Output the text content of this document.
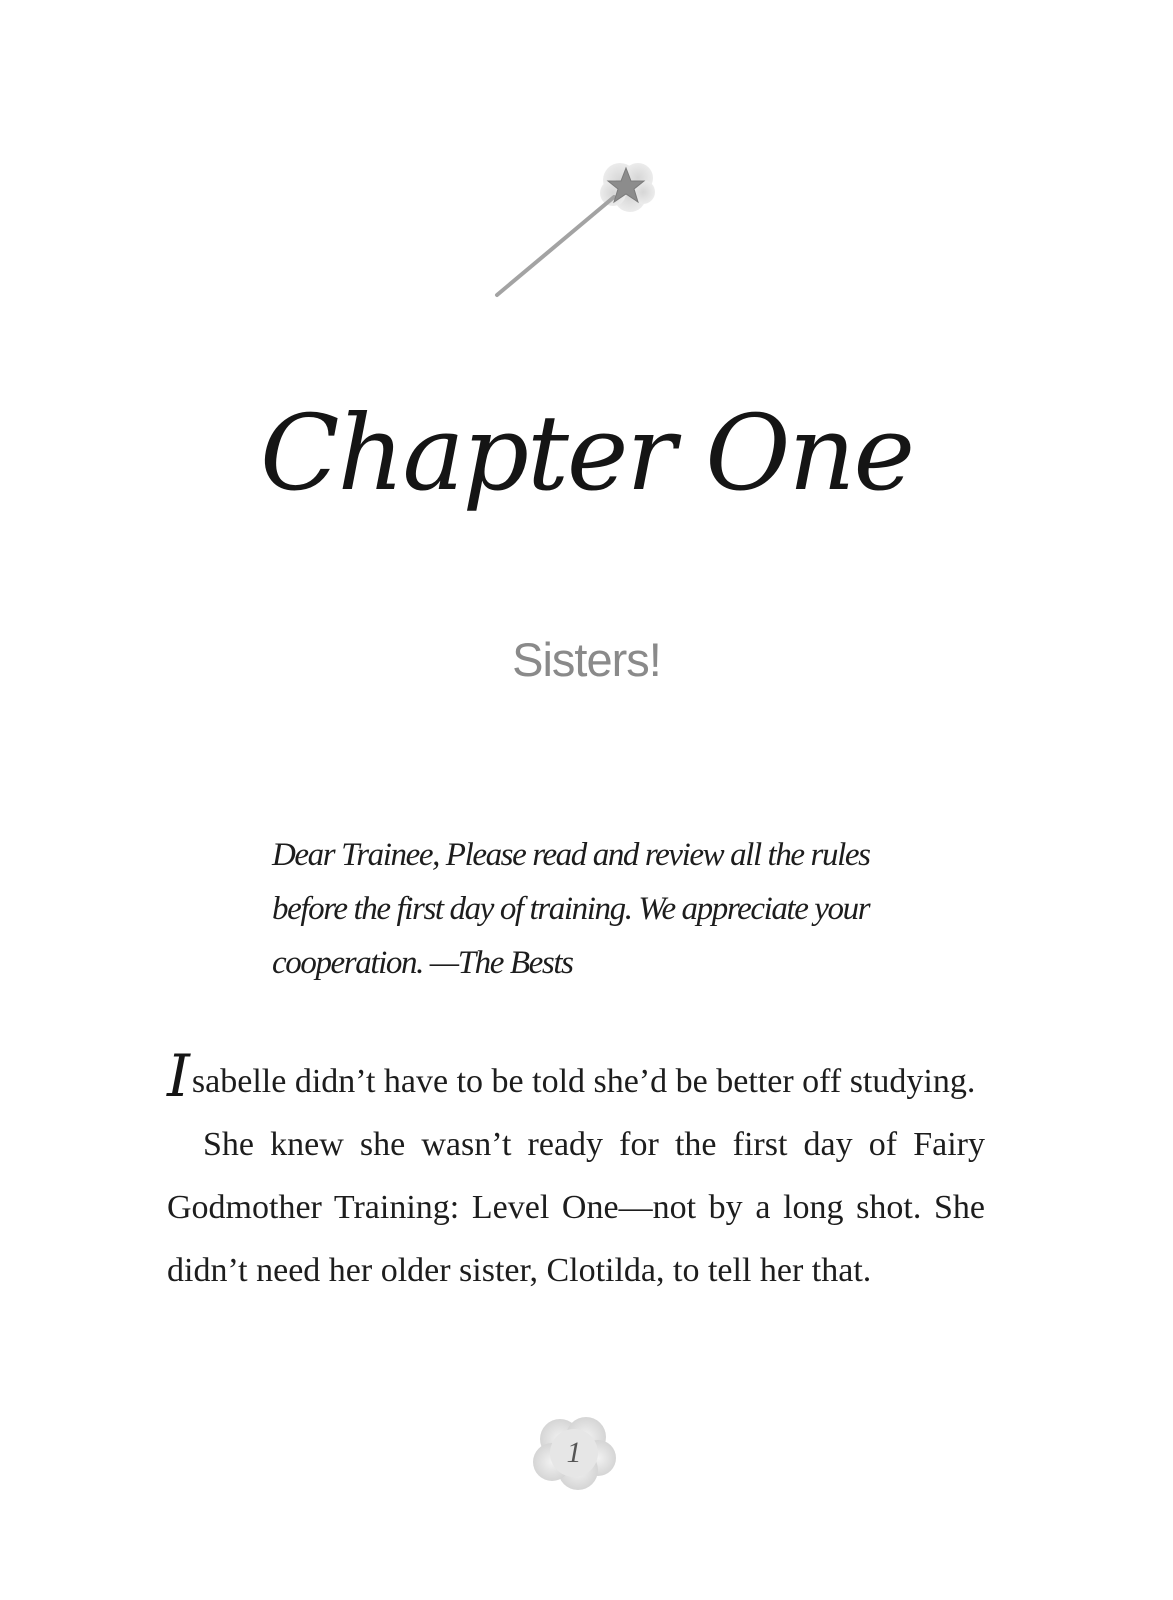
Chapter One
Sisters!
Dear Trainee, Please read and review all the rules before the first day of training. We appreciate your cooperation. —The Bests

Isabelle didn’t have to be told she’d be better off studying.

She knew she wasn’t ready for the first day of Fairy Godmother Training: Level One—not by a long shot. She didn’t need her older sister, Clotilda, to tell her that.

1
